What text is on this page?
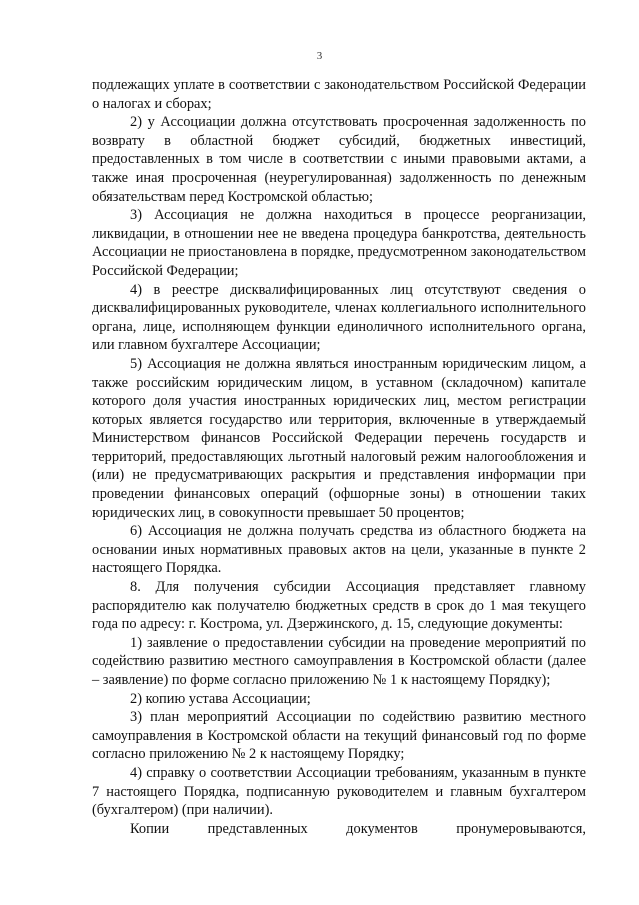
3

подлежащих уплате в соответствии с законодательством Российской Федерации о налогах и сборах;

2) у Ассоциации должна отсутствовать просроченная задолженность по возврату в областной бюджет субсидий, бюджетных инвестиций, предоставленных в том числе в соответствии с иными правовыми актами, а также иная просроченная (неурегулированная) задолженность по денежным обязательствам перед Костромской областью;

3) Ассоциация не должна находиться в процессе реорганизации, ликвидации, в отношении нее не введена процедура банкротства, деятельность Ассоциации не приостановлена в порядке, предусмотренном законодательством Российской Федерации;

4) в реестре дисквалифицированных лиц отсутствуют сведения о дисквалифицированных руководителе, членах коллегиального исполнительного органа, лице, исполняющем функции единоличного исполнительного органа, или главном бухгалтере Ассоциации;

5) Ассоциация не должна являться иностранным юридическим лицом, а также российским юридическим лицом, в уставном (складочном) капитале которого доля участия иностранных юридических лиц, местом регистрации которых является государство или территория, включенные в утверждаемый Министерством финансов Российской Федерации перечень государств и территорий, предоставляющих льготный налоговый режим налогообложения и (или) не предусматривающих раскрытия и представления информации при проведении финансовых операций (офшорные зоны) в отношении таких юридических лиц, в совокупности превышает 50 процентов;

6) Ассоциация не должна получать средства из областного бюджета на основании иных нормативных правовых актов на цели, указанные в пункте 2 настоящего Порядка.

8. Для получения субсидии Ассоциация представляет главному распорядителю как получателю бюджетных средств в срок до 1 мая текущего года по адресу: г. Кострома, ул. Дзержинского, д. 15, следующие документы:

1) заявление о предоставлении субсидии на проведение мероприятий по содействию развитию местного самоуправления в Костромской области (далее – заявление) по форме согласно приложению № 1 к настоящему Порядку);

2) копию устава Ассоциации;

3) план мероприятий Ассоциации по содействию развитию местного самоуправления в Костромской области на текущий финансовый год по форме согласно приложению № 2 к настоящему Порядку;

4) справку о соответствии Ассоциации требованиям, указанным в пункте 7 настоящего Порядка, подписанную руководителем и главным бухгалтером (бухгалтером) (при наличии).

Копии представленных документов пронумеровываются,
